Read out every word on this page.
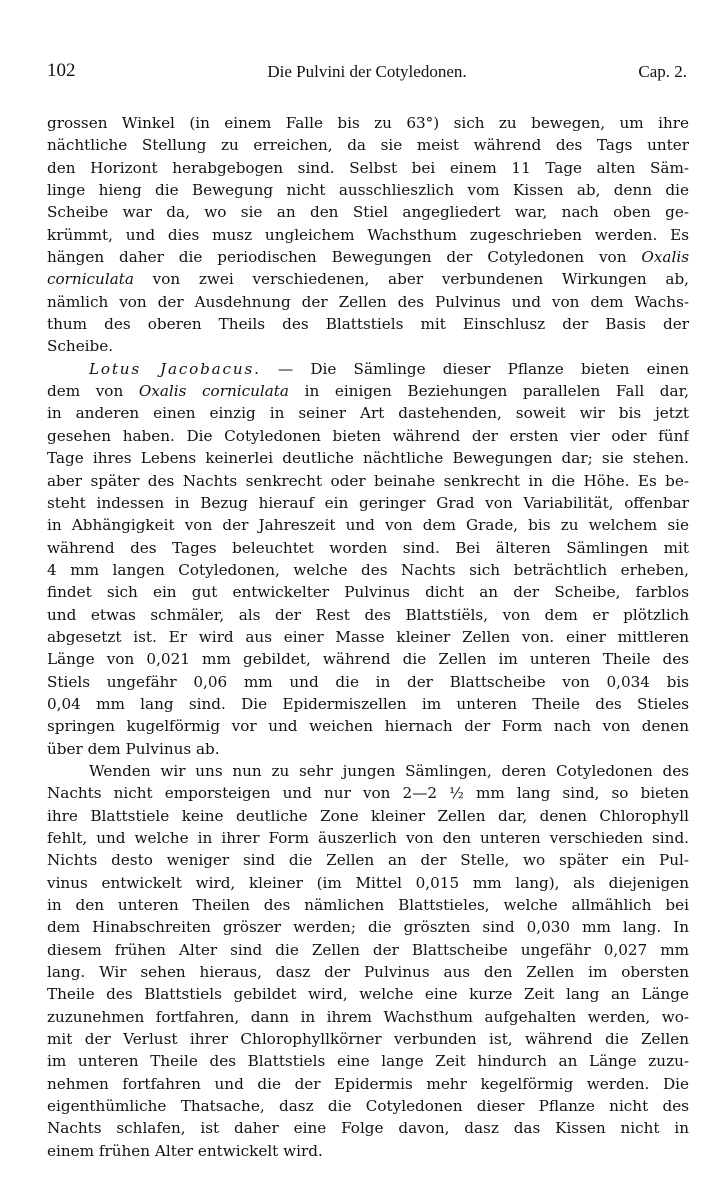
102	Die Pulvini der Cotyledonen.	Cap. 2.
grossen Winkel (in einem Falle bis zu 63°) sich zu bewegen, um ihre
nächtliche Stellung zu erreichen, da sie meist während des Tags unter
den Horizont herabgebogen sind. Selbst bei einem 11 Tage alten Säm-
linge hieng die Bewegung nicht ausschlieszlich vom Kissen ab, denn die
Scheibe war da, wo sie an den Stiel angegliedert war, nach oben ge-
krümmt, und dies musz ungleichem Wachsthum zugeschrieben werden. Es
hängen daher die periodischen Bewegungen der Cotyledonen von Oxalis
corniculata von zwei verschiedenen, aber verbundenen Wirkungen ab,
nämlich von der Ausdehnung der Zellen des Pulvinus und von dem Wachs-
thum des oberen Theils des Blattstiels mit Einschlusz der Basis der
Scheibe.
Lotus Jacobacus. — Die Sämlinge dieser Pflanze bieten einen
dem von Oxalis corniculata in einigen Beziehungen parallelen Fall dar,
in anderen einen einzig in seiner Art dastehenden, soweit wir bis jetzt
gesehen haben. Die Cotyledonen bieten während der ersten vier oder fünf
Tage ihres Lebens keinerlei deutliche nächtliche Bewegungen dar; sie stehen.
aber später des Nachts senkrecht oder beinahe senkrecht in die Höhe. Es be-
steht indessen in Bezug hierauf ein geringer Grad von Variabilität, offenbar
in Abhängigkeit von der Jahreszeit und von dem Grade, bis zu welchem sie
während des Tages beleuchtet worden sind. Bei älteren Sämlingen mit
4 mm langen Cotyledonen, welche des Nachts sich beträchtlich erheben,
findet sich ein gut entwickelter Pulvinus dicht an der Scheibe, farblos
und etwas schmäler, als der Rest des Blattstiëls, von dem er plötzlich
abgesetzt ist. Er wird aus einer Masse kleiner Zellen von. einer mittleren
Länge von 0,021 mm gebildet, während die Zellen im unteren Theile des
Stiels ungefähr 0,06 mm und die in der Blattscheibe von 0,034 bis
0,04 mm lang sind. Die Epidermiszellen im unteren Theile des Stieles
springen kugelförmig vor und weichen hiernach der Form nach von denen
über dem Pulvinus ab.
Wenden wir uns nun zu sehr jungen Sämlingen, deren Cotyledonen des
Nachts nicht emporsteigen und nur von 2—2 ½ mm lang sind, so bieten
ihre Blattstiele keine deutliche Zone kleiner Zellen dar, denen Chlorophyll
fehlt, und welche in ihrer Form äuszerlich von den unteren verschieden sind.
Nichts desto weniger sind die Zellen an der Stelle, wo später ein Pul-
vinus entwickelt wird, kleiner (im Mittel 0,015 mm lang), als diejenigen
in den unteren Theilen des nämlichen Blattstieles, welche allmählich bei
dem Hinabschreiten gröszer werden; die gröszten sind 0,030 mm lang. In
diesem frühen Alter sind die Zellen der Blattscheibe ungefähr 0,027 mm
lang. Wir sehen hieraus, dasz der Pulvinus aus den Zellen im obersten
Theile des Blattstiels gebildet wird, welche eine kurze Zeit lang an Länge
zuzunehmen fortfahren, dann in ihrem Wachsthum aufgehalten werden, wo-
mit der Verlust ihrer Chlorophyllkörner verbunden ist, während die Zellen
im unteren Theile des Blattstiels eine lange Zeit hindurch an Länge zuzu-
nehmen fortfahren und die der Epidermis mehr kegelförmig werden. Die
eigenthümliche Thatsache, dasz die Cotyledonen dieser Pflanze nicht des
Nachts schlafen, ist daher eine Folge davon, dasz das Kissen nicht in
einem frühen Alter entwickelt wird.
